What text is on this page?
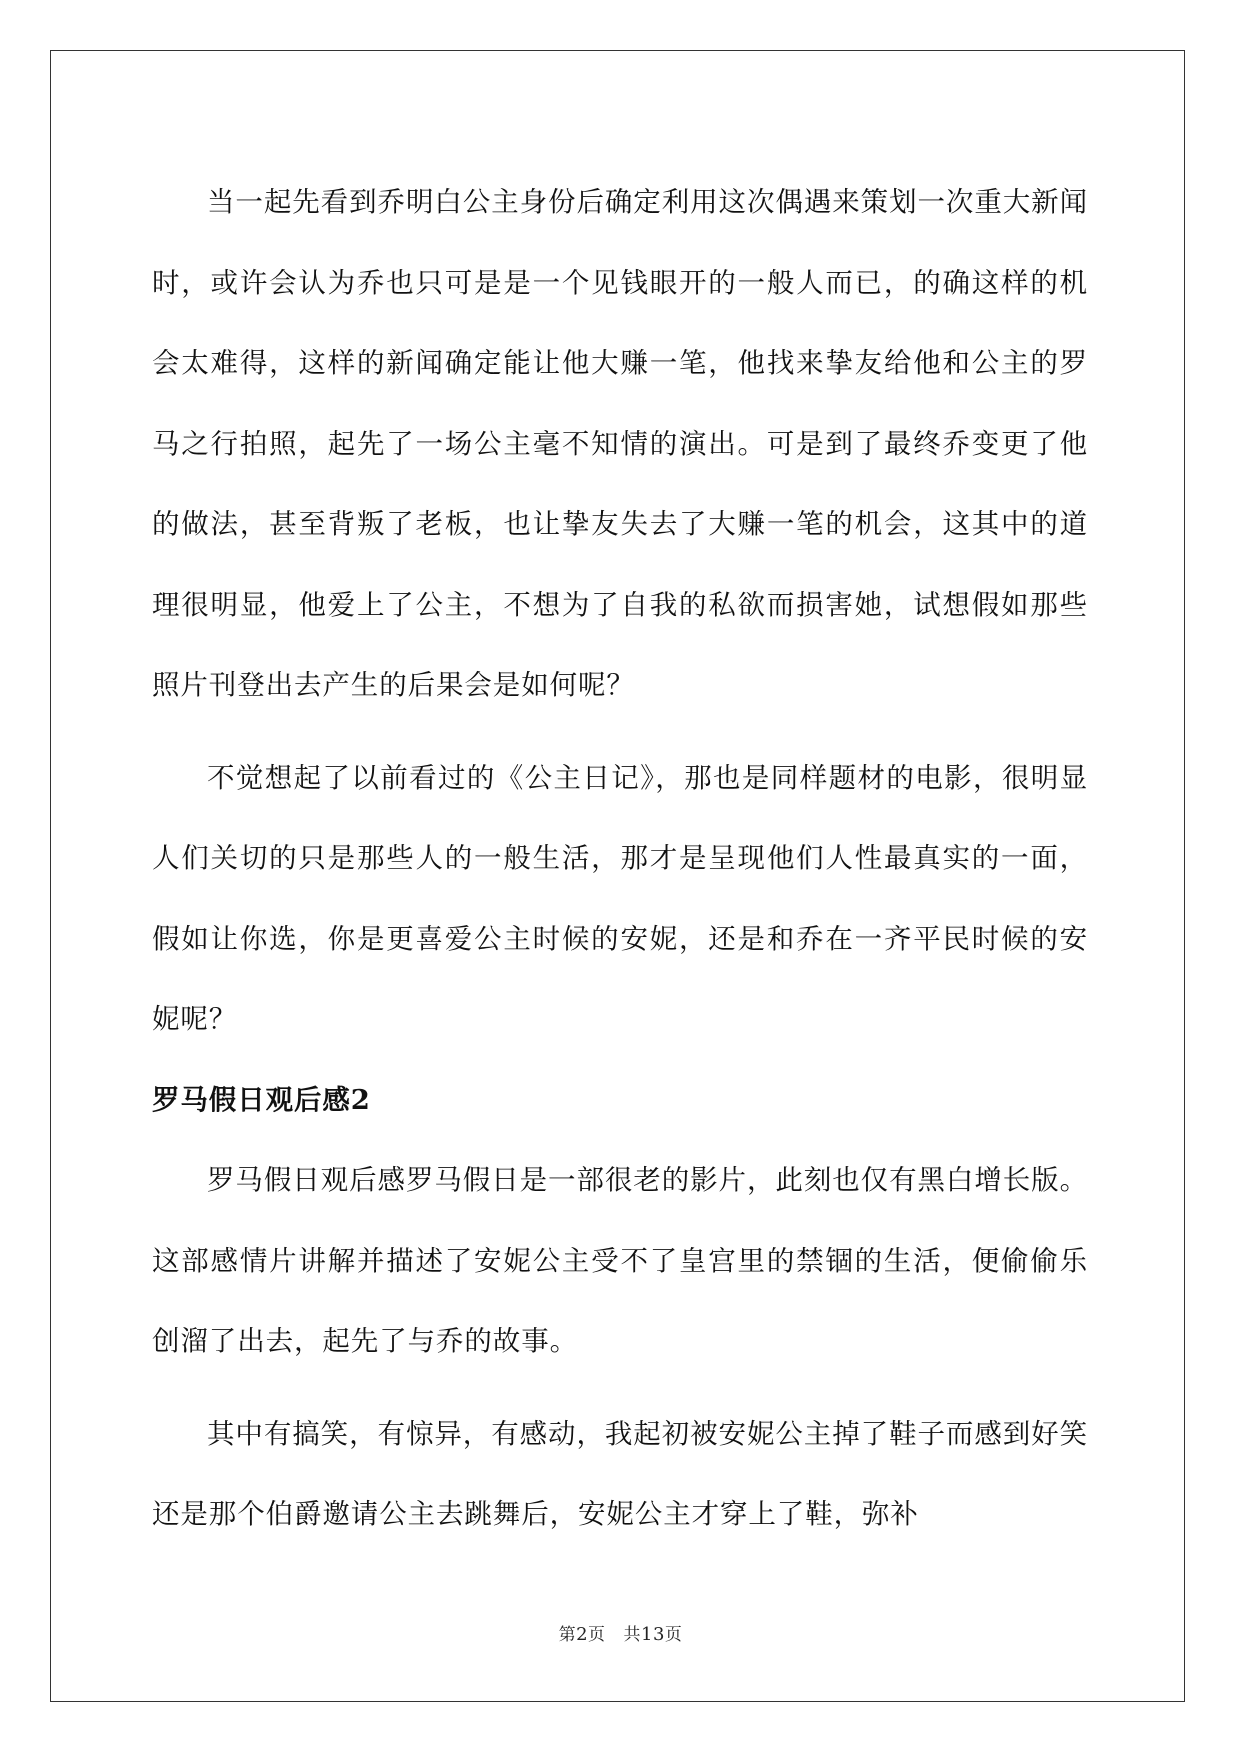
当一起先看到乔明白公主身份后确定利用这次偶遇来策划一次重大新闻时，或许会认为乔也只可是是一个见钱眼开的一般人而已，的确这样的机会太难得，这样的新闻确定能让他大赚一笔，他找来挚友给他和公主的罗马之行拍照，起先了一场公主毫不知情的演出。可是到了最终乔变更了他的做法，甚至背叛了老板，也让挚友失去了大赚一笔的机会，这其中的道理很明显，他爱上了公主，不想为了自我的私欲而损害她，试想假如那些照片刊登出去产生的后果会是如何呢？

不觉想起了以前看过的《公主日记》，那也是同样题材的电影，很明显人们关切的只是那些人的一般生活，那才是呈现他们人性最真实的一面，假如让你选，你是更喜爱公主时候的安妮，还是和乔在一齐平民时候的安妮呢？

罗马假日观后感2

罗马假日观后感罗马假日是一部很老的影片，此刻也仅有黑白增长版。这部感情片讲解并描述了安妮公主受不了皇宫里的禁锢的生活，便偷偷乐创溜了出去，起先了与乔的故事。

其中有搞笑，有惊异，有感动，我起初被安妮公主掉了鞋子而感到好笑还是那个伯爵邀请公主去跳舞后，安妮公主才穿上了鞋，弥补

第2页 共13页
